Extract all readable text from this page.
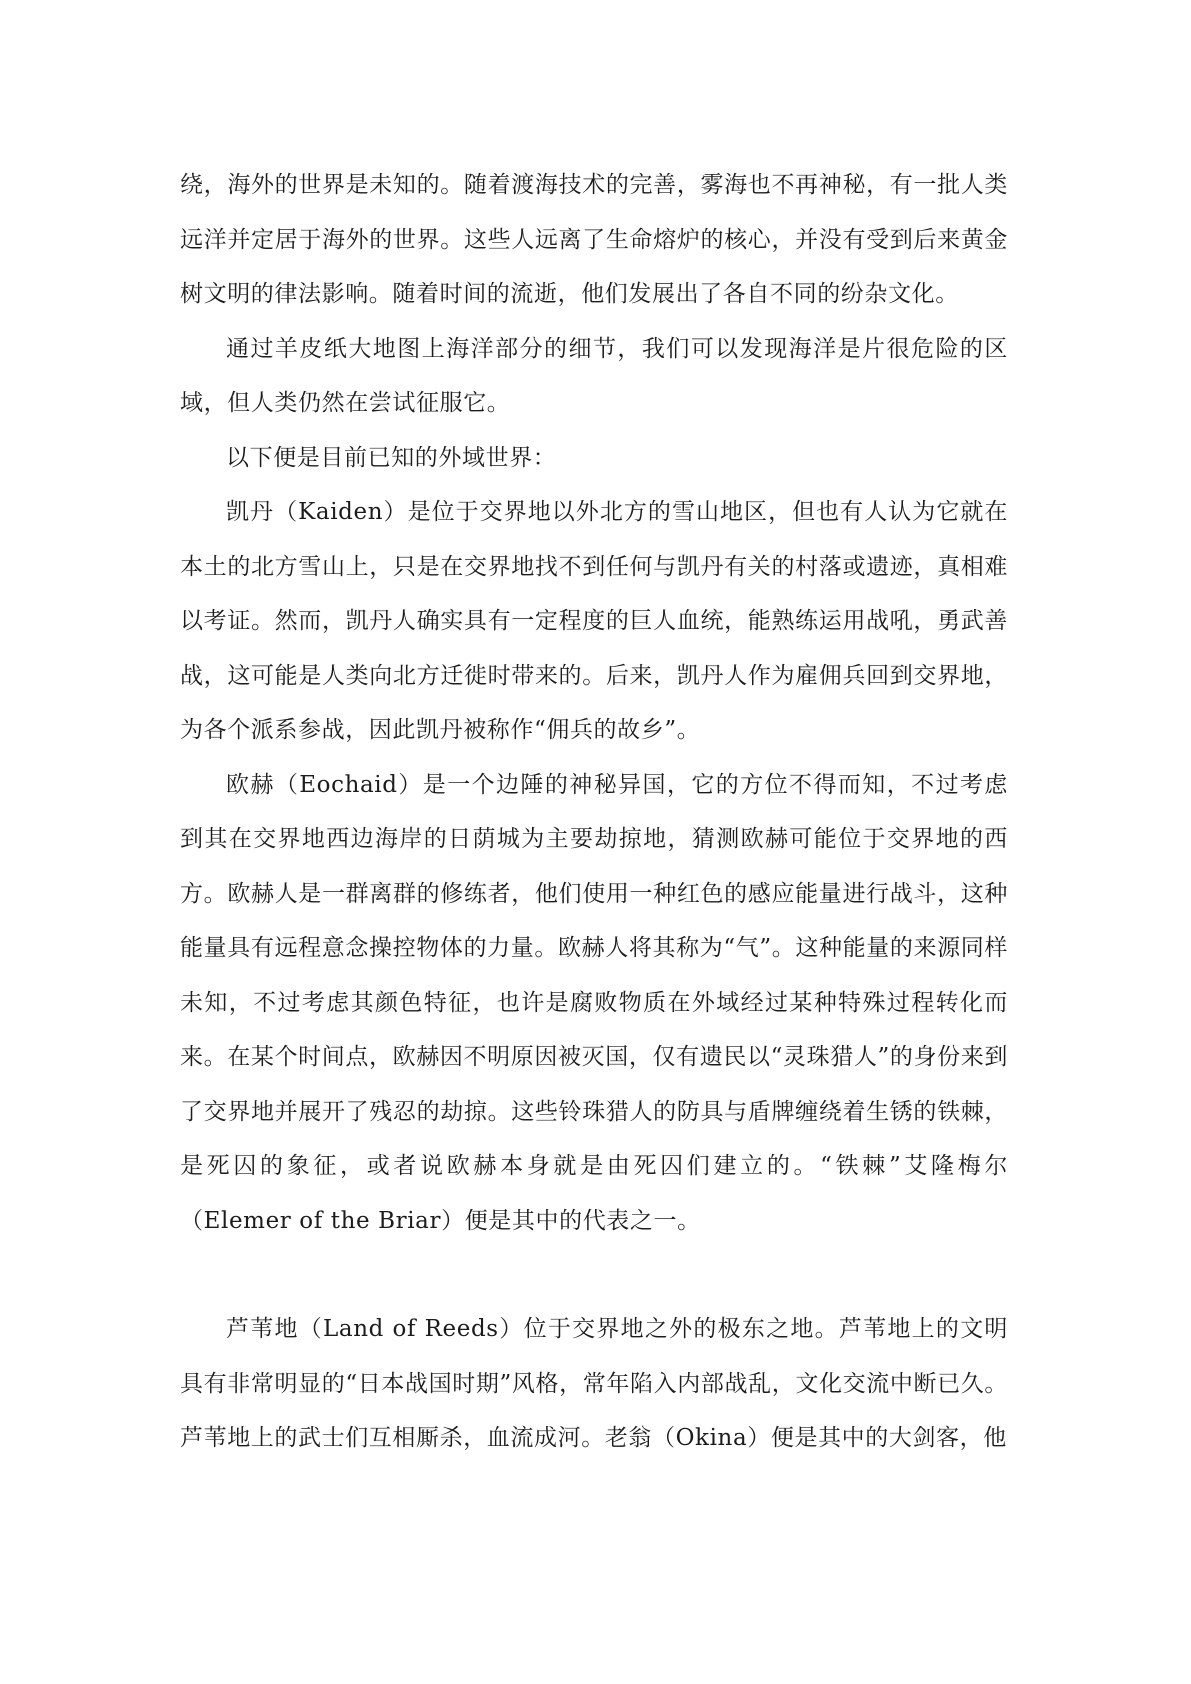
绕，海外的世界是未知的。随着渡海技术的完善，雾海也不再神秘，有一批人类远洋并定居于海外的世界。这些人远离了生命熔炉的核心，并没有受到后来黄金树文明的律法影响。随着时间的流逝，他们发展出了各自不同的纷杂文化。

通过羊皮纸大地图上海洋部分的细节，我们可以发现海洋是片很危险的区域，但人类仍然在尝试征服它。

以下便是目前已知的外域世界：

凯丹（Kaiden）是位于交界地以外北方的雪山地区，但也有人认为它就在本土的北方雪山上，只是在交界地找不到任何与凯丹有关的村落或遗迹，真相难以考证。然而，凯丹人确实具有一定程度的巨人血统，能熟练运用战吼，勇武善战，这可能是人类向北方迁徙时带来的。后来，凯丹人作为雇佣兵回到交界地，为各个派系参战，因此凯丹被称作“佣兵的故乡”。

欧赫（Eochaid）是一个边陲的神秘异国，它的方位不得而知，不过考虑到其在交界地西边海岸的日荫城为主要劫掠地，猜测欧赫可能位于交界地的西方。欧赫人是一群离群的修练者，他们使用一种红色的感应能量进行战斗，这种能量具有远程意念操控物体的力量。欧赫人将其称为“气”。这种能量的来源同样未知，不过考虑其颜色特征，也许是腐败物质在外域经过某种特殊过程转化而来。在某个时间点，欧赫因不明原因被灭国，仅有遗民以“灵珠猎人”的身份来到了交界地并展开了残忍的劫掠。这些铃珠猎人的防具与盾牌缠绕着生锈的铁棘，是死囚的象征，或者说欧赫本身就是由死囚们建立的。“铁棘”艾隆梅尔（Elemer of the Briar）便是其中的代表之一。

芦苇地（Land of Reeds）位于交界地之外的极东之地。芦苇地上的文明具有非常明显的“日本战国时期”风格，常年陷入内部战乱，文化交流中断已久。芦苇地上的武士们互相厮杀，血流成河。老翁（Okina）便是其中的大剑客，他
